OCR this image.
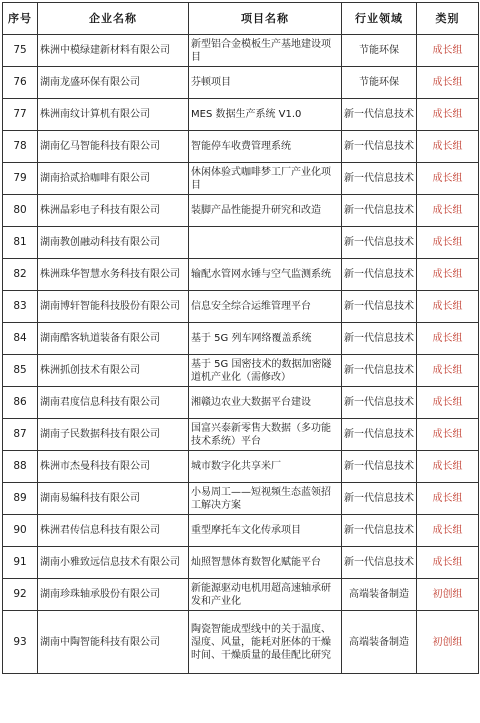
序号	企业名称	项目名称	行业领域	类别
75	株洲中模绿建新材料有限公司	新型铝合金模板生产基地建设项目	节能环保	成长组
76	湖南龙盛环保有限公司	芬顿项目	节能环保	成长组
77	株洲南纹计算机有限公司	MES 数据生产系统 V1.0	新一代信息技术	成长组
78	湖南亿马智能科技有限公司	智能停车收费管理系统	新一代信息技术	成长组
79	湖南拾贰拾咖啡有限公司	休闲体验式咖啡梦工厂产业化项目	新一代信息技术	成长组
80	株洲晶彩电子科技有限公司	装脚产品性能提升研究和改造	新一代信息技术	成长组
81	湖南教创融动科技有限公司		新一代信息技术	成长组
82	株洲珠华智慧水务科技有限公司	输配水管网水锤与空气监测系统	新一代信息技术	成长组
83	湖南博轩智能科技股份有限公司	信息安全综合运维管理平台	新一代信息技术	成长组
84	湖南酷客轨道装备有限公司	基于 5G 列车网络覆盖系统	新一代信息技术	成长组
85	株洲抓创技术有限公司	基于 5G 国密技术的数据加密隧道机产业化（需修改）	新一代信息技术	成长组
86	湖南君度信息科技有限公司	湘赣边农业大数据平台建设	新一代信息技术	成长组
87	湖南子民数据科技有限公司	国富兴泰新零售大数据（多功能技术系统）平台	新一代信息技术	成长组
88	株洲市杰曼科技有限公司	城市数字化共享米厂	新一代信息技术	成长组
89	湖南易编科技有限公司	小易周工——短视频生态蓝领招工解决方案	新一代信息技术	成长组
90	株洲君传信息科技有限公司	重型摩托车文化传承项目	新一代信息技术	成长组
91	湖南小雅致远信息技术有限公司	灿照智慧体育数智化赋能平台	新一代信息技术	成长组
92	湖南珍珠轴承股份有限公司	新能源驱动电机用超高速轴承研发和产业化	高端装备制造	初创组
93	湖南中陶智能科技有限公司	陶瓷智能成型线中的关于温度、湿度、风量，能耗对胚体的干燥时间、干燥质量的最佳配比研究	高端装备制造	初创组
